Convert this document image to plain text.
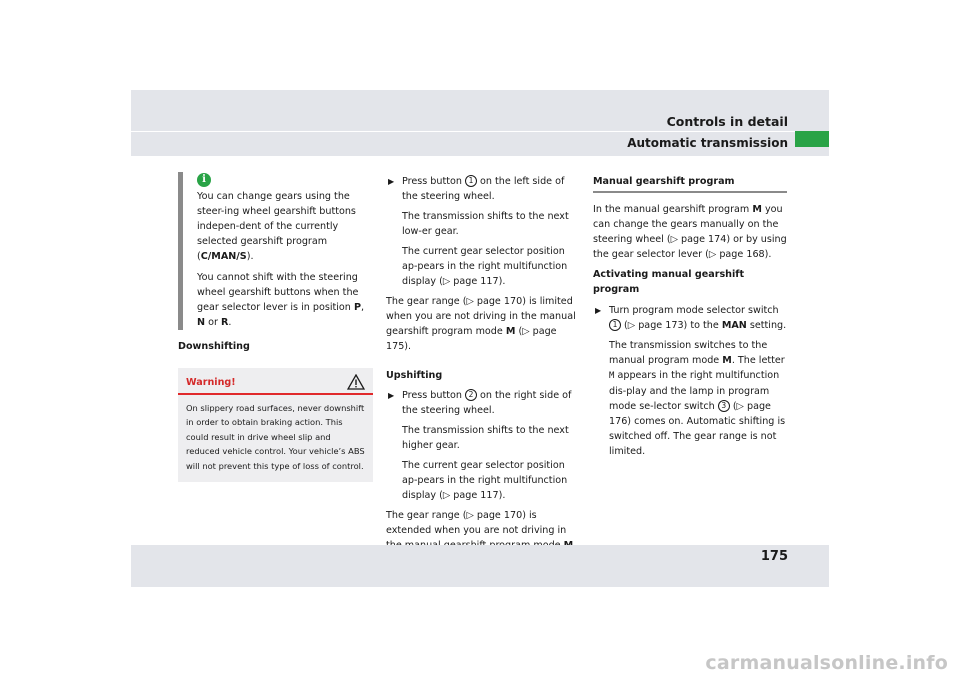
Controls in detail
Automatic transmission
i

You can change gears using the steer-ing wheel gearshift buttons indepen-dent of the currently selected gearshift program (C/MAN/S).

You cannot shift with the steering wheel gearshift buttons when the gear selector lever is in position P, N or R.

Downshifting
Warning!
On slippery road surfaces, never downshift in order to obtain braking action. This could result in drive wheel slip and reduced vehicle control. Your vehicle’s ABS will not prevent this type of loss of control.
▶ Press button 1 on the left side of the steering wheel.
The transmission shifts to the next low-er gear.
The current gear selector position ap-pears in the right multifunction display (▷ page 117).
The gear range (▷ page 170) is limited when you are not driving in the manual gearshift program mode M (▷ page 175).
Upshifting
▶ Press button 2 on the right side of the steering wheel.
The transmission shifts to the next higher gear.
The current gear selector position ap-pears in the right multifunction display (▷ page 117).
The gear range (▷ page 170) is extended when you are not driving in
Manual gearshift program
In the manual gearshift program M you can change the gears manually on the steering wheel (▷ page 174) or by using the gear selector lever (▷ page 168).
Activating manual gearshift program
▶ Turn program mode selector switch 1 (▷ page 173) to the MAN setting.
The transmission switches to the manual program mode M. The letter M appears in the right multifunction dis-play and the lamp in program mode se-lector switch 3 (▷ page 176) comes on. Automatic shifting is switched off. The gear range is not limited.
175
carmanualsonline.info
